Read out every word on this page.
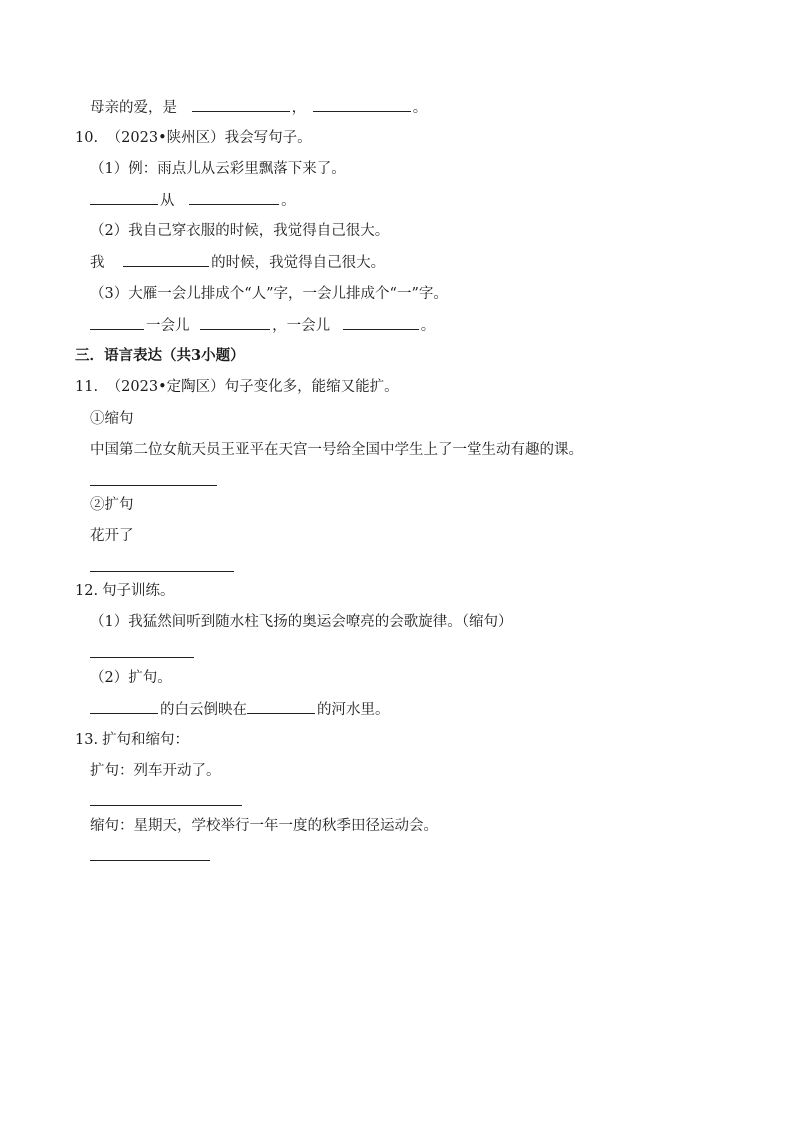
母亲的爱，是	，	。
10. （2023•陕州区）我会写句子。
（1）例：雨点儿从云彩里飘落下来了。
从	。
（2）我自己穿衣服的时候，我觉得自己很大。
我	的时候，我觉得自己很大。
（3）大雁一会儿排成个“人”字，一会儿排成个“一”字。
一会儿	，一会儿	。
三．语言表达（共3小题）
11. （2023•定陶区）句子变化多，能缩又能扩。
①缩句
中国第二位女航天员王亚平在天宫一号给全国中学生上了一堂生动有趣的课。
②扩句
花开了
12. 句子训练。
（1）我猛然间听到随水柱飞扬的奥运会嘹亮的会歌旋律。（缩句）
（2）扩句。
的白云倒映在	的河水里。
13. 扩句和缩句：
扩句：列车开动了。
缩句：星期天，学校举行一年一度的秋季田径运动会。
